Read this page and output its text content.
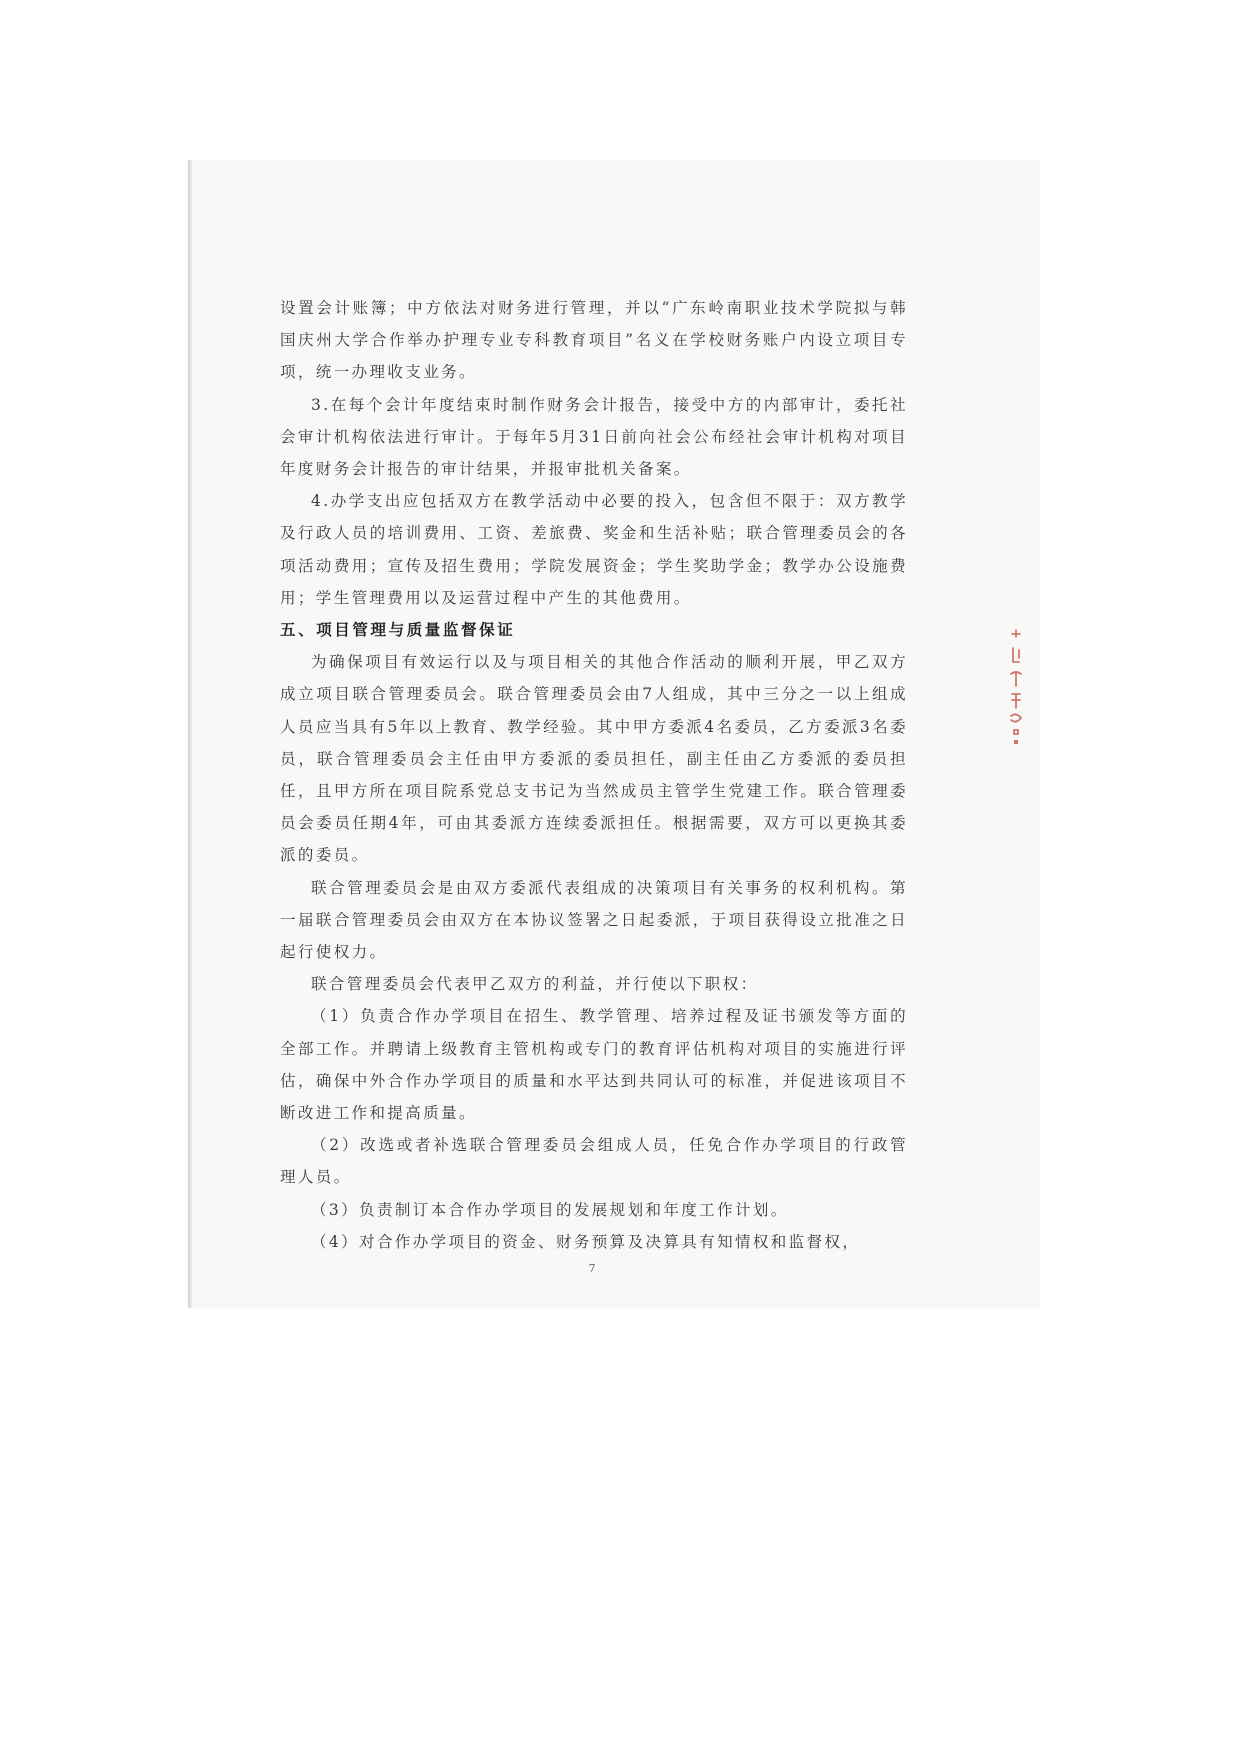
设置会计账簿；中方依法对财务进行管理，并以“广东岭南职业技术学院拟与韩国庆州大学合作举办护理专业专科教育项目”名义在学校财务账户内设立项目专项，统一办理收支业务。

3.在每个会计年度结束时制作财务会计报告，接受中方的内部审计，委托社会审计机构依法进行审计。于每年5月31日前向社会公布经社会审计机构对项目年度财务会计报告的审计结果，并报审批机关备案。

4.办学支出应包括双方在教学活动中必要的投入，包含但不限于：双方教学及行政人员的培训费用、工资、差旅费、奖金和生活补贴；联合管理委员会的各项活动费用；宣传及招生费用；学院发展资金；学生奖助学金；教学办公设施费用；学生管理费用以及运营过程中产生的其他费用。

五、项目管理与质量监督保证

为确保项目有效运行以及与项目相关的其他合作活动的顺利开展，甲乙双方成立项目联合管理委员会。联合管理委员会由7人组成，其中三分之一以上组成人员应当具有5年以上教育、教学经验。其中甲方委派4名委员，乙方委派3名委员，联合管理委员会主任由甲方委派的委员担任，副主任由乙方委派的委员担任，且甲方所在项目院系党总支书记为当然成员主管学生党建工作。联合管理委员会委员任期4年，可由其委派方连续委派担任。根据需要，双方可以更换其委派的委员。

联合管理委员会是由双方委派代表组成的决策项目有关事务的权利机构。第一届联合管理委员会由双方在本协议签署之日起委派，于项目获得设立批准之日起行使权力。

联合管理委员会代表甲乙双方的利益，并行使以下职权：

（1）负责合作办学项目在招生、教学管理、培养过程及证书颁发等方面的全部工作。并聘请上级教育主管机构或专门的教育评估机构对项目的实施进行评估，确保中外合作办学项目的质量和水平达到共同认可的标准，并促进该项目不断改进工作和提高质量。

（2）改选或者补选联合管理委员会组成人员，任免合作办学项目的行政管理人员。

（3）负责制订本合作办学项目的发展规划和年度工作计划。

（4）对合作办学项目的资金、财务预算及决算具有知情权和监督权，

7
